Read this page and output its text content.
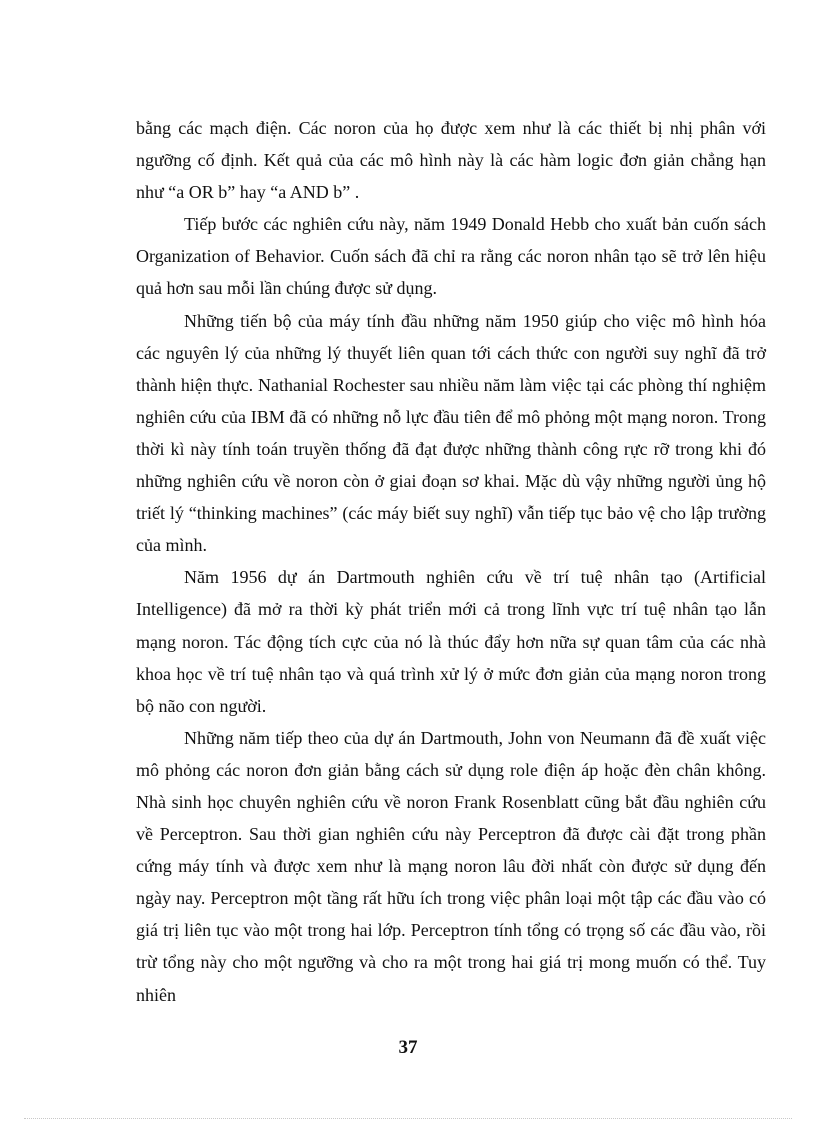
bằng các mạch điện. Các noron của họ được xem như là các thiết bị nhị phân với ngưỡng cố định. Kết quả của các mô hình này là các hàm logic đơn giản chẳng hạn như “a OR b” hay “a AND b” .

Tiếp bước các nghiên cứu này, năm 1949 Donald Hebb cho xuất bản cuốn sách Organization of Behavior. Cuốn sách đã chỉ ra rằng các noron nhân tạo sẽ trở lên hiệu quả hơn sau mỗi lần chúng được sử dụng.

Những tiến bộ của máy tính đầu những năm 1950 giúp cho việc mô hình hóa các nguyên lý của những lý thuyết liên quan tới cách thức con người suy nghĩ đã trở thành hiện thực. Nathanial Rochester sau nhiều năm làm việc tại các phòng thí nghiệm nghiên cứu của IBM đã có những nỗ lực đầu tiên để mô phỏng một mạng noron. Trong thời kì này tính toán truyền thống đã đạt được những thành công rực rỡ trong khi đó những nghiên cứu về noron còn ở giai đoạn sơ khai. Mặc dù vậy những người ủng hộ triết lý “thinking machines” (các máy biết suy nghĩ) vẫn tiếp tục bảo vệ cho lập trường của mình.

Năm 1956 dự án Dartmouth nghiên cứu về trí tuệ nhân tạo (Artificial Intelligence) đã mở ra thời kỳ phát triển mới cả trong lĩnh vực trí tuệ nhân tạo lẫn mạng noron. Tác động tích cực của nó là thúc đẩy hơn nữa sự quan tâm của các nhà khoa học về trí tuệ nhân tạo và quá trình xử lý ở mức đơn giản của mạng noron trong bộ não con người.

Những năm tiếp theo của dự án Dartmouth, John von Neumann đã đề xuất việc mô phỏng các noron đơn giản bằng cách sử dụng role điện áp hoặc đèn chân không. Nhà sinh học chuyên nghiên cứu về noron Frank Rosenblatt cũng bắt đầu nghiên cứu về Perceptron. Sau thời gian nghiên cứu này Perceptron đã được cài đặt trong phần cứng máy tính và được xem như là mạng noron lâu đời nhất còn được sử dụng đến ngày nay. Perceptron một tầng rất hữu ích trong việc phân loại một tập các đầu vào có giá trị liên tục vào một trong hai lớp. Perceptron tính tổng có trọng số các đầu vào, rồi trừ tổng này cho một ngưỡng và cho ra một trong hai giá trị mong muốn có thể. Tuy nhiên

37
